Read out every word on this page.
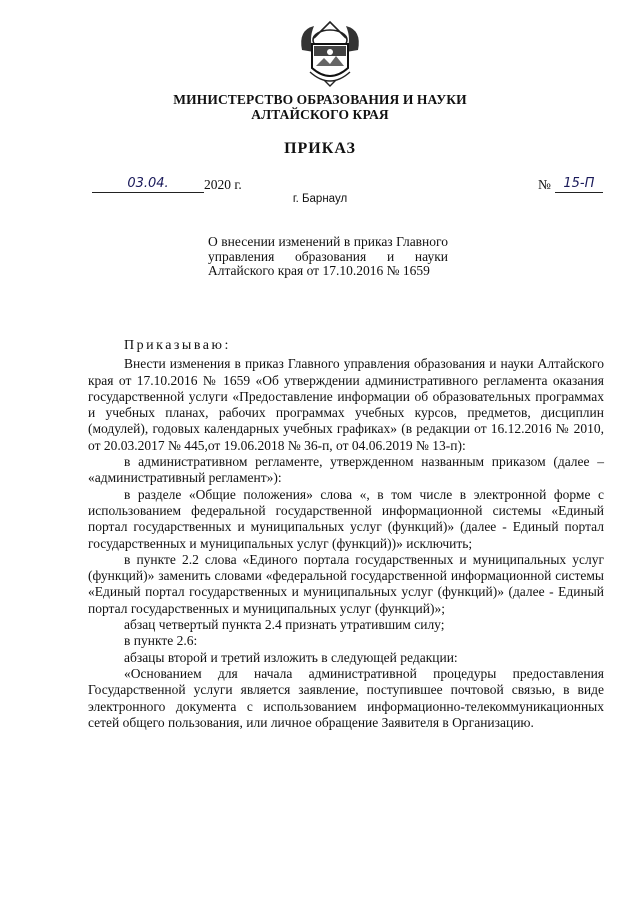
МИНИСТЕРСТВО ОБРАЗОВАНИЯ И НАУКИ
АЛТАЙСКОГО КРАЯ
ПРИКАЗ
03.04.	2020 г.	№ 15-П
г. Барнаул
О внесении изменений в приказ Главного управления образования и науки Алтайского края от 17.10.2016 № 1659

Приказываю:

Внести изменения в приказ Главного управления образования и науки Алтайского края от 17.10.2016 № 1659 «Об утверждении административного регламента оказания государственной услуги «Предоставление информации об образовательных программах и учебных планах, рабочих программах учебных курсов, предметов, дисциплин (модулей), годовых календарных учебных графиках» (в редакции от 16.12.2016 № 2010, от 20.03.2017 № 445,от 19.06.2018 № 36-п, от 04.06.2019 № 13-п):

в административном регламенте, утвержденном названным приказом (далее – «административный регламент»):

в разделе «Общие положения» слова «, в том числе в электронной форме с использованием федеральной государственной информационной системы «Единый портал государственных и муниципальных услуг (функций)» (далее - Единый портал государственных и муниципальных услуг (функций))» исключить;

в пункте 2.2 слова «Единого портала государственных и муниципальных услуг (функций)» заменить словами «федеральной государственной информационной системы «Единый портал государственных и муниципальных услуг (функций)» (далее - Единый портал государственных и муниципальных услуг (функций)»;

абзац четвертый пункта 2.4 признать утратившим силу;

в пункте 2.6:

абзацы второй и третий изложить в следующей редакции:

«Основанием для начала административной процедуры предоставления Государственной услуги является заявление, поступившее почтовой связью, в виде электронного документа с использованием информационно-телекоммуникационных сетей общего пользования, или личное обращение Заявителя в Организацию.
